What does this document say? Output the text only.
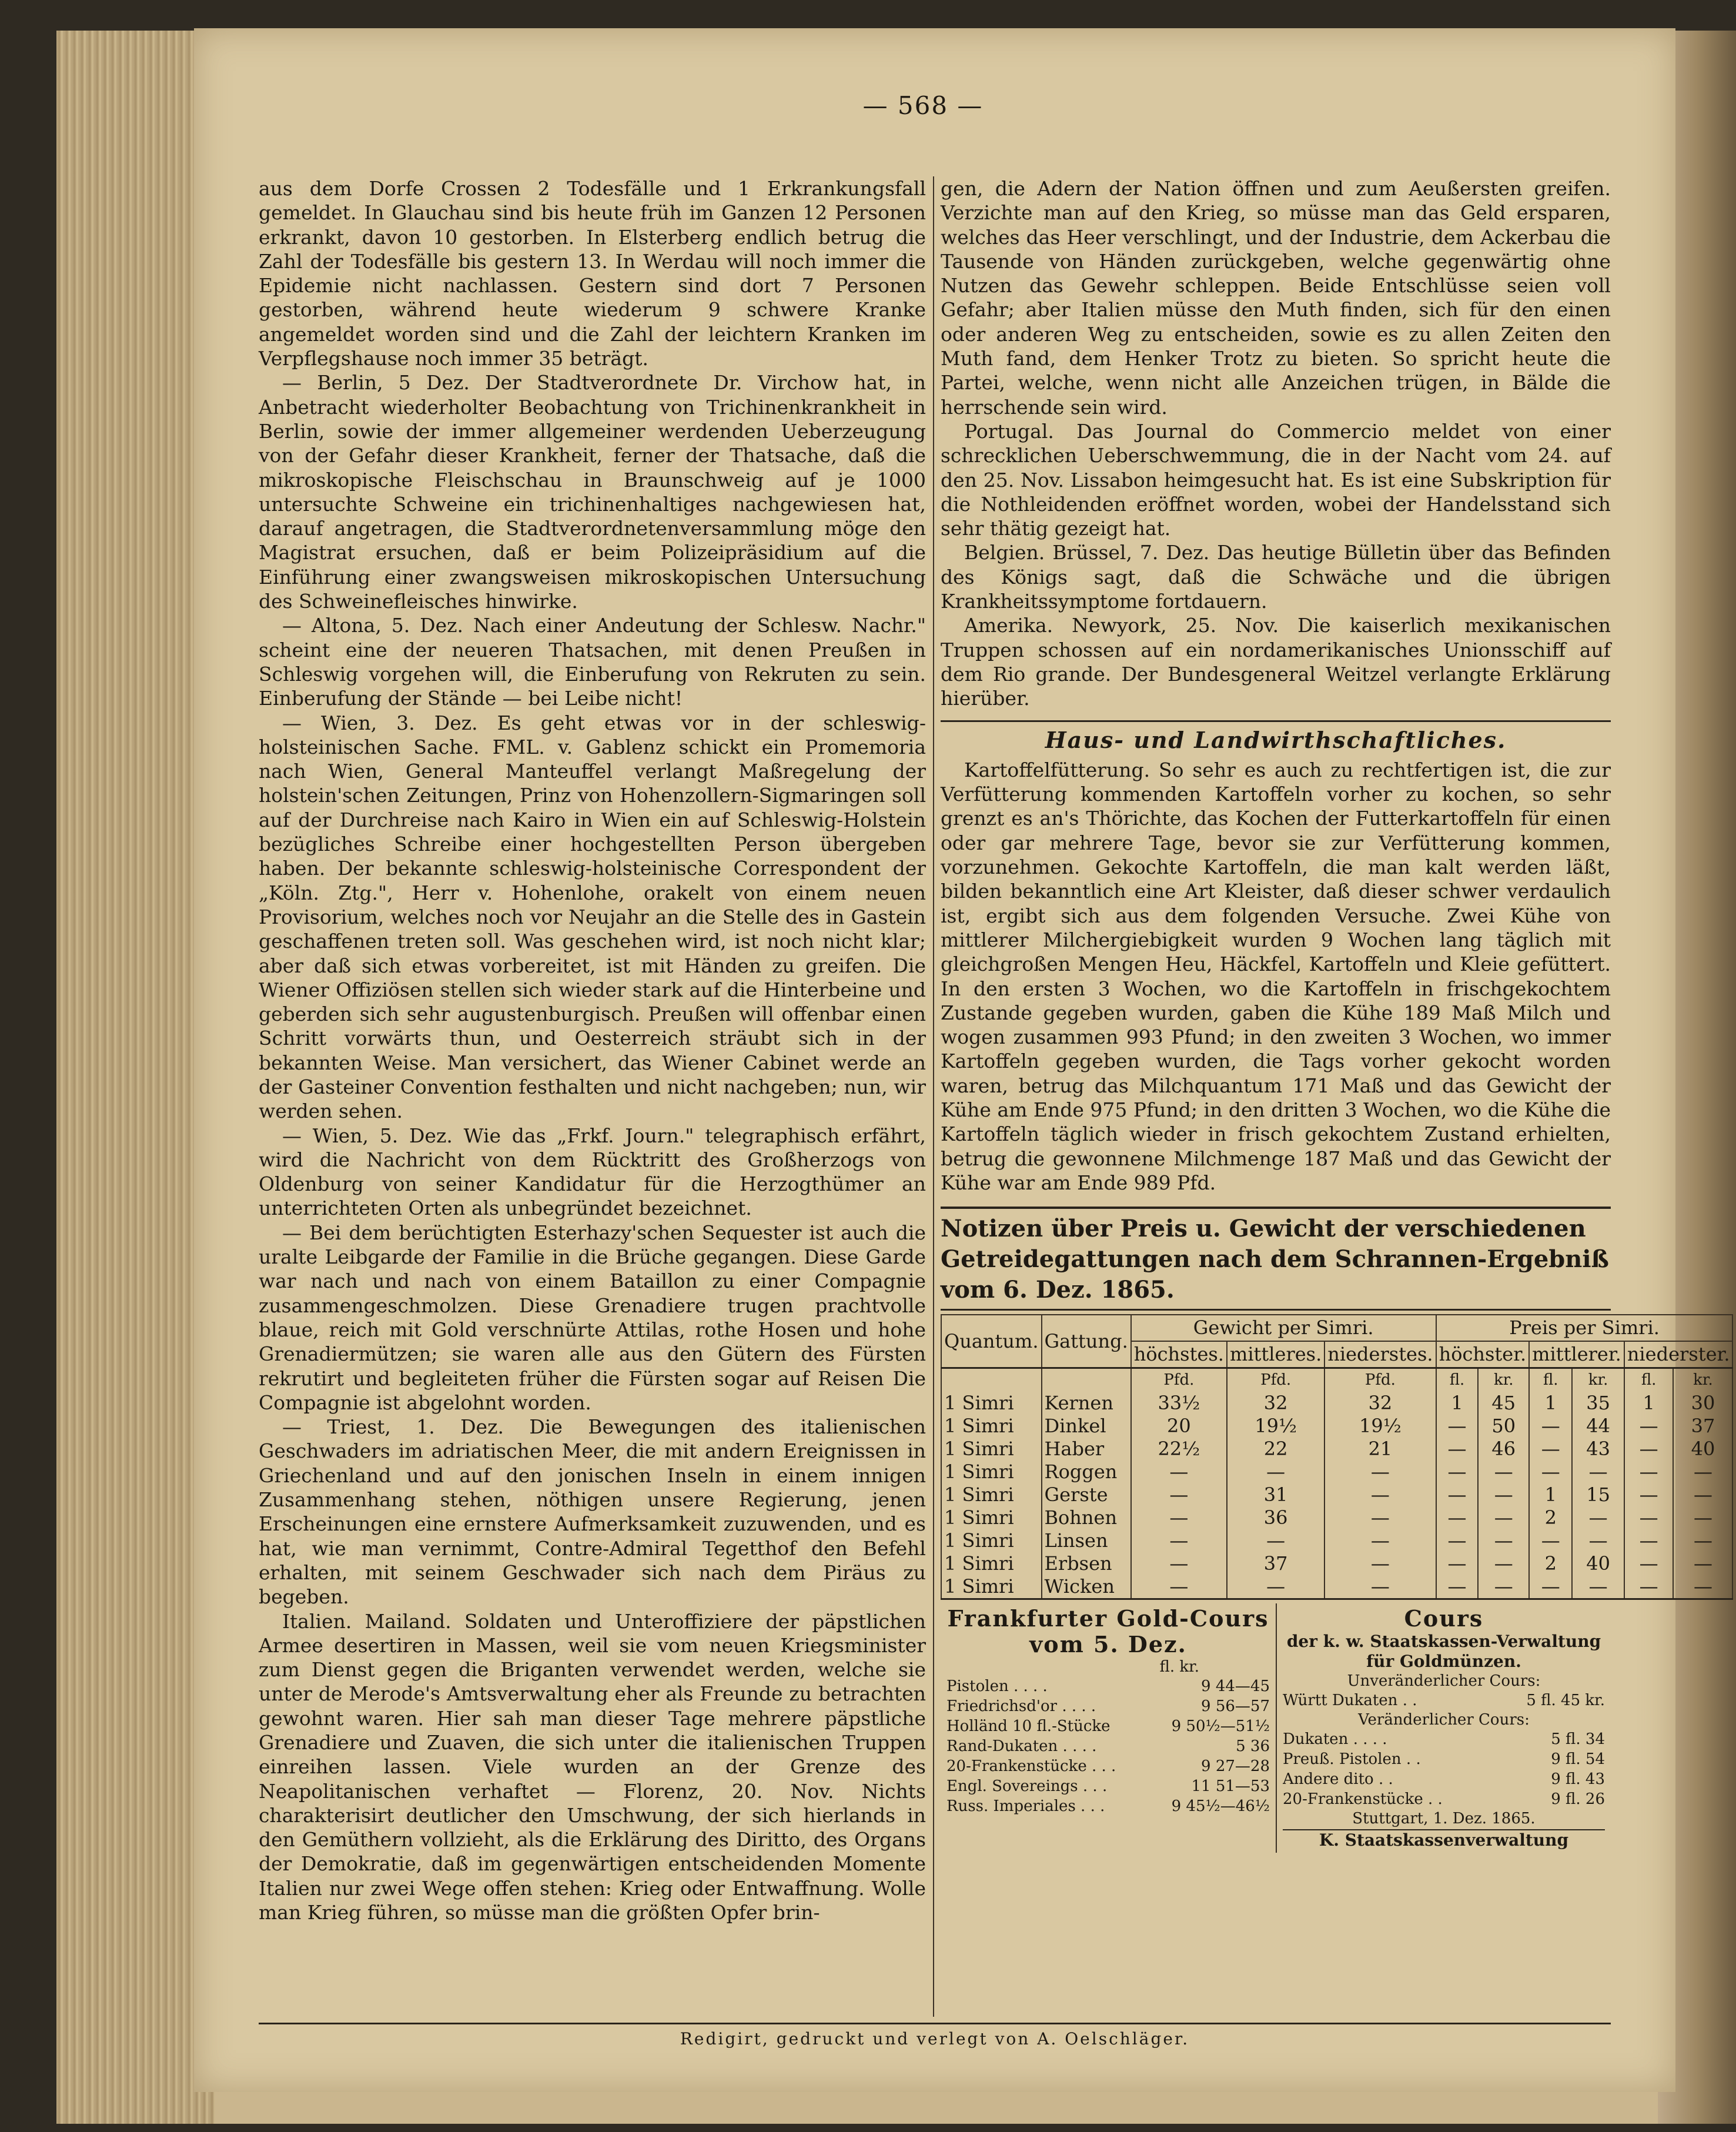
— 568 —

aus dem Dorfe Crossen 2 Todesfälle und 1 Erkrankungsfall gemeldet. In Glauchau sind bis heute früh im Ganzen 12 Personen erkrankt, davon 10 gestorben. In Elsterberg endlich betrug die Zahl der Todesfälle bis gestern 13. In Werdau will noch immer die Epidemie nicht nachlassen. Gestern sind dort 7 Personen gestorben, während heute wiederum 9 schwere Kranke angemeldet worden sind und die Zahl der leichtern Kranken im Verpflegshause noch immer 35 beträgt.

— Berlin, 5 Dez. Der Stadtverordnete Dr. Virchow hat, in Anbetracht wiederholter Beobachtung von Trichinenkrankheit in Berlin, sowie der immer allgemeiner werdenden Ueberzeugung von der Gefahr dieser Krankheit, ferner der Thatsache, daß die mikroskopische Fleischschau in Braunschweig auf je 1000 untersuchte Schweine ein trichinenhaltiges nachgewiesen hat, darauf angetragen, die Stadtverordnetenversammlung möge den Magistrat ersuchen, daß er beim Polizeipräsidium auf die Einführung einer zwangsweisen mikroskopischen Untersuchung des Schweinefleisches hinwirke.

— Altona, 5. Dez. Nach einer Andeutung der Schlesw. Nachr." scheint eine der neueren Thatsachen, mit denen Preußen in Schleswig vorgehen will, die Einberufung von Rekruten zu sein. Einberufung der Stände — bei Leibe nicht!

— Wien, 3. Dez. Es geht etwas vor in der schleswig-holsteinischen Sache. FML. v. Gablenz schickt ein Promemoria nach Wien, General Manteuffel verlangt Maßregelung der holstein'schen Zeitungen, Prinz von Hohenzollern-Sigmaringen soll auf der Durchreise nach Kairo in Wien ein auf Schleswig-Holstein bezügliches Schreibe einer hochgestellten Person übergeben haben. Der bekannte schleswig-holsteinische Correspondent der „Köln. Ztg.", Herr v. Hohenlohe, orakelt von einem neuen Provisorium, welches noch vor Neujahr an die Stelle des in Gastein geschaffenen treten soll. Was geschehen wird, ist noch nicht klar; aber daß sich etwas vorbereitet, ist mit Händen zu greifen. Die Wiener Offiziösen stellen sich wieder stark auf die Hinterbeine und geberden sich sehr augustenburgisch. Preußen will offenbar einen Schritt vorwärts thun, und Oesterreich sträubt sich in der bekannten Weise. Man versichert, das Wiener Cabinet werde an der Gasteiner Convention festhalten und nicht nachgeben; nun, wir werden sehen.

— Wien, 5. Dez. Wie das „Frkf. Journ." telegraphisch erfährt, wird die Nachricht von dem Rücktritt des Großherzogs von Oldenburg von seiner Kandidatur für die Herzogthümer an unterrichteten Orten als unbegründet bezeichnet.

— Bei dem berüchtigten Esterhazy'schen Sequester ist auch die uralte Leibgarde der Familie in die Brüche gegangen. Diese Garde war nach und nach von einem Bataillon zu einer Compagnie zusammengeschmolzen. Diese Grenadiere trugen prachtvolle blaue, reich mit Gold verschnürte Attilas, rothe Hosen und hohe Grenadiermützen; sie waren alle aus den Gütern des Fürsten rekrutirt und begleiteten früher die Fürsten sogar auf Reisen Die Compagnie ist abgelohnt worden.

— Triest, 1. Dez. Die Bewegungen des italienischen Geschwaders im adriatischen Meer, die mit andern Ereignissen in Griechenland und auf den jonischen Inseln in einem innigen Zusammenhang stehen, nöthigen unsere Regierung, jenen Erscheinungen eine ernstere Aufmerksamkeit zuzuwenden, und es hat, wie man vernimmt, Contre-Admiral Tegetthof den Befehl erhalten, mit seinem Geschwader sich nach dem Piräus zu begeben.

Italien. Mailand. Soldaten und Unteroffiziere der päpstlichen Armee desertiren in Massen, weil sie vom neuen Kriegsminister zum Dienst gegen die Briganten verwendet werden, welche sie unter de Merode's Amtsverwaltung eher als Freunde zu betrachten gewohnt waren. Hier sah man dieser Tage mehrere päpstliche Grenadiere und Zuaven, die sich unter die italienischen Truppen einreihen lassen. Viele wurden an der Grenze des Neapolitanischen verhaftet — Florenz, 20. Nov. Nichts charakterisirt deutlicher den Umschwung, der sich hierlands in den Gemüthern vollzieht, als die Erklärung des Diritto, des Organs der Demokratie, daß im gegenwärtigen entscheidenden Momente Italien nur zwei Wege offen stehen: Krieg oder Entwaffnung. Wolle man Krieg führen, so müsse man die größten Opfer brin-

gen, die Adern der Nation öffnen und zum Aeußersten greifen. Verzichte man auf den Krieg, so müsse man das Geld ersparen, welches das Heer verschlingt, und der Industrie, dem Ackerbau die Tausende von Händen zurückgeben, welche gegenwärtig ohne Nutzen das Gewehr schleppen. Beide Entschlüsse seien voll Gefahr; aber Italien müsse den Muth finden, sich für den einen oder anderen Weg zu entscheiden, sowie es zu allen Zeiten den Muth fand, dem Henker Trotz zu bieten. So spricht heute die Partei, welche, wenn nicht alle Anzeichen trügen, in Bälde die herrschende sein wird.

Portugal. Das Journal do Commercio meldet von einer schrecklichen Ueberschwemmung, die in der Nacht vom 24. auf den 25. Nov. Lissabon heimgesucht hat. Es ist eine Subskription für die Nothleidenden eröffnet worden, wobei der Handelsstand sich sehr thätig gezeigt hat.

Belgien. Brüssel, 7. Dez. Das heutige Bülletin über das Befinden des Königs sagt, daß die Schwäche und die übrigen Krankheitssymptome fortdauern.

Amerika. Newyork, 25. Nov. Die kaiserlich mexikanischen Truppen schossen auf ein nordamerikanisches Unionsschiff auf dem Rio grande. Der Bundesgeneral Weitzel verlangte Erklärung hierüber.

Haus- und Landwirthschaftliches.

Kartoffelfütterung. So sehr es auch zu rechtfertigen ist, die zur Verfütterung kommenden Kartoffeln vorher zu kochen, so sehr grenzt es an's Thörichte, das Kochen der Futterkartoffeln für einen oder gar mehrere Tage, bevor sie zur Verfütterung kommen, vorzunehmen. Gekochte Kartoffeln, die man kalt werden läßt, bilden bekanntlich eine Art Kleister, daß dieser schwer verdaulich ist, ergibt sich aus dem folgenden Versuche. Zwei Kühe von mittlerer Milchergiebigkeit wurden 9 Wochen lang täglich mit gleichgroßen Mengen Heu, Häckfel, Kartoffeln und Kleie gefüttert. In den ersten 3 Wochen, wo die Kartoffeln in frischgekochtem Zustande gegeben wurden, gaben die Kühe 189 Maß Milch und wogen zusammen 993 Pfund; in den zweiten 3 Wochen, wo immer Kartoffeln gegeben wurden, die Tags vorher gekocht worden waren, betrug das Milchquantum 171 Maß und das Gewicht der Kühe am Ende 975 Pfund; in den dritten 3 Wochen, wo die Kühe die Kartoffeln täglich wieder in frisch gekochtem Zustand erhielten, betrug die gewonnene Milchmenge 187 Maß und das Gewicht der Kühe war am Ende 989 Pfd.

Notizen über Preis u. Gewicht der verschiedenen Getreidegattungen nach dem Schrannen-Ergebniß vom 6. Dez. 1865.
Quantum.	Gattung.	Gewicht per Simri.			Preis per Simri.					
		höchstes.	mittleres.	niederstes.	höchster.		mittlerer.		niederster.	
		Pfd.	Pfd.	Pfd.	fl.	kr.	fl.	kr.	fl.	kr.
1 Simri	Kernen	33½	32	32	1	45	1	35	1	30
1 Simri	Dinkel	20	19½	19½	—	50	—	44	—	37
1 Simri	Haber	22½	22	21	—	46	—	43	—	40
1 Simri	Roggen	—	—	—	—	—	—	—	—	—
1 Simri	Gerste	—	31	—	—	—	1	15	—	—
1 Simri	Bohnen	—	36	—	—	—	2	—	—	—
1 Simri	Linsen	—	—	—	—	—	—	—	—	—
1 Simri	Erbsen	—	37	—	—	—	2	40	—	—
1 Simri	Wicken	—	—	—	—	—	—	—	—	—
Frankfurter Gold-Cours
vom 5. Dez.
fl. kr.
Pistolen . . . .	9 44—45
Friedrichsd'or . . . .	9 56—57
Holländ 10 fl.-Stücke	9 50½—51½
Rand-Dukaten . . . .	5 36
20-Frankenstücke . . .	9 27—28
Engl. Sovereings . . .	11 51—53
Russ. Imperiales . . .	9 45½—46½
Cours
der k. w. Staatskassen-Verwaltung für Goldmünzen.
Unveränderlicher Cours:
Württ Dukaten . .	5 fl. 45 kr.
Veränderlicher Cours:
Dukaten . . . .	5 fl. 34
Preuß. Pistolen . .	9 fl. 54
Andere dito . .	9 fl. 43
20-Frankenstücke . .	9 fl. 26
Stuttgart, 1. Dez. 1865.
K. Staatskassenverwaltung
Redigirt, gedruckt und verlegt von A. Oelschläger.
